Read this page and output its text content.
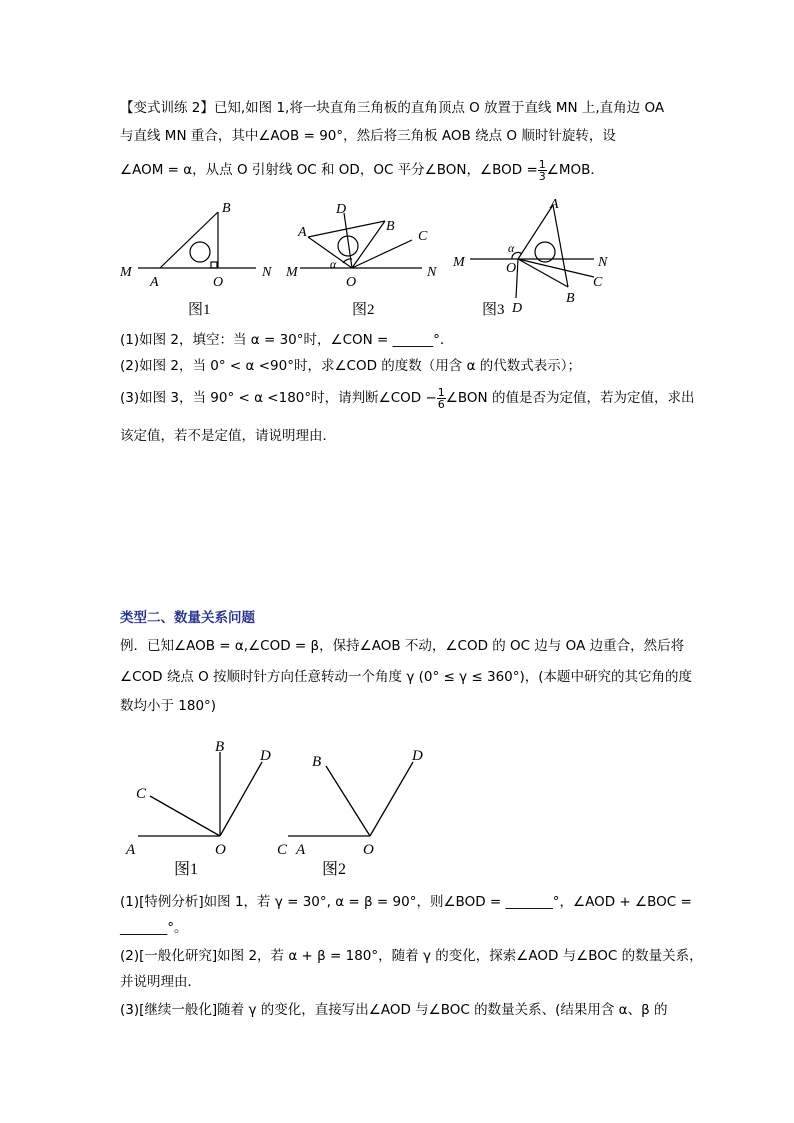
【变式训练 2】已知,如图 1,将一块直角三角板的直角顶点 O 放置于直线 MN 上,直角边 OA
与直线 MN 重合，其中∠AOB = 90°，然后将三角板 AOB 绕点 O 顺时针旋转，设
∠AOM = α，从点 O 引射线 OC 和 OD，OC 平分∠BON，∠BOD = $\frac{1}{3}$ ∠MOB．
M	N
A
B
O
图1
M	N
A	B
C
D
O
α
图2
M	N
A
B
C
D
O
α
图3
(1)如图 2，填空：当 α = 30°时，∠CON = ______°．
(2)如图 2，当 0° < α <90°时，求∠COD 的度数（用含 α 的代数式表示）；
(3)如图 3，当 90° < α <180°时，请判断∠COD − $\frac{1}{6}$ ∠BON 的值是否为定值，若为定值，求出
该定值，若不是定值，请说明理由．
类型二、数量关系问题
例．已知∠AOB = α,∠COD = β，保持∠AOB 不动，∠COD 的 OC 边与 OA 边重合，然后将
∠COD 绕点 O 按顺时针方向任意转动一个角度 γ (0° ≤ γ ≤ 360°)，(本题中研究的其它角的度
数均小于 180°)
A
B
C
D
O
图1
C A
B	D
O
图2
(1)[特例分析]如图 1，若 γ = 30°, α = β = 90°，则∠BOD = _______°，∠AOD + ∠BOC =
_______°。
(2)[一般化研究]如图 2，若 α + β = 180°，随着 γ 的变化，探索∠AOD 与∠BOC 的数量关系，
并说明理由．
(3)[继续一般化]随着 γ 的变化，直接写出∠AOD 与∠BOC 的数量关系、(结果用含 α、β 的
